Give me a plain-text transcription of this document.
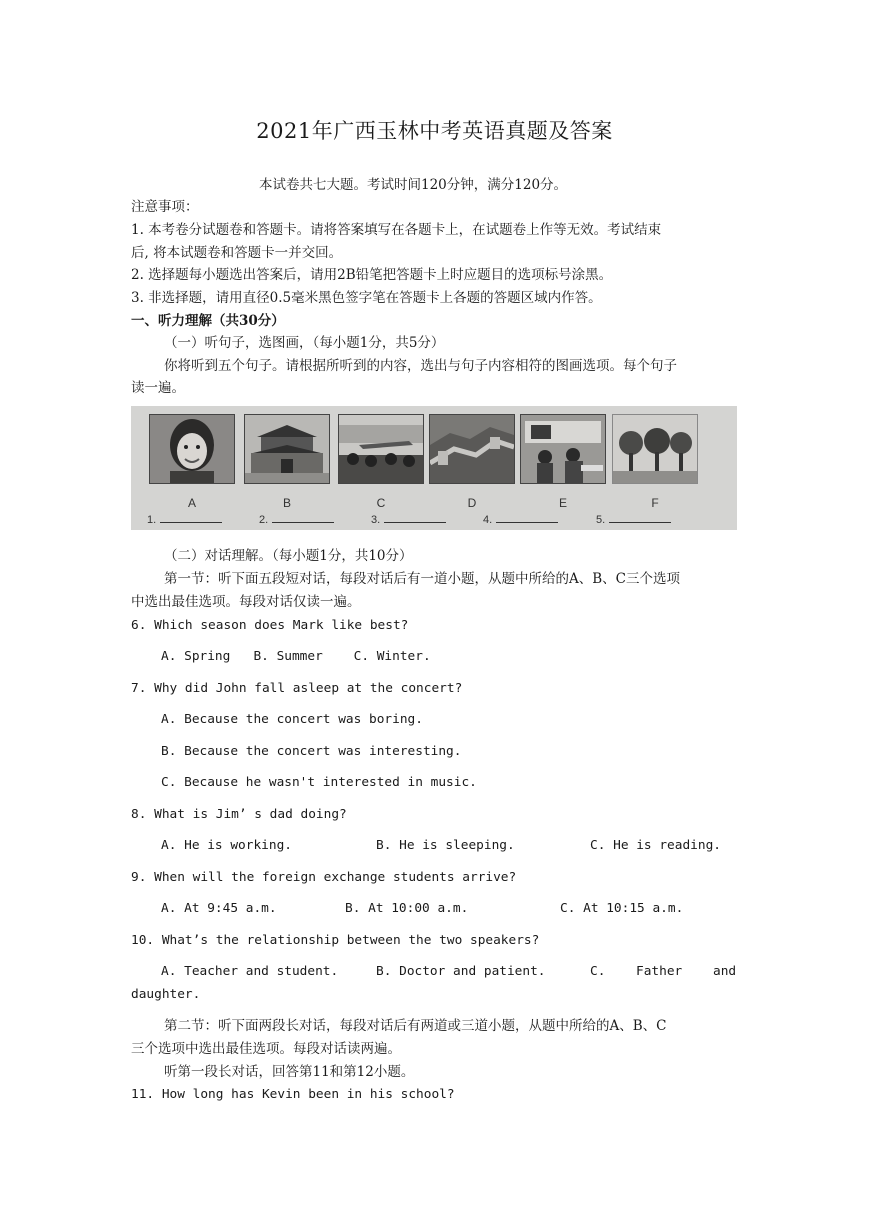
2021年广西玉林中考英语真题及答案
本试卷共七大题。考试时间120分钟，满分120分。
注意事项：
1. 本考卷分试题卷和答题卡。请将答案填写在各题卡上，在试题卷上作等无效。考试结束
后, 将本试题卷和答题卡一并交回。
2. 选择题每小题选出答案后，请用2B铅笔把答题卡上时应题目的选项标号涂黑。
3. 非选择题，请用直径0.5毫米黑色签字笔在答题卡上各题的答题区域内作答。
一、听力理解（共30分）
（一）听句子，选图画，（每小题1分，共5分）
你将听到五个句子。请根据所听到的内容，选出与句子内容相符的图画选项。每个句子
读一遍。
A	B	C	D	E	F
1.	2.	3.	4.	5.
（二）对话理解。（每小题1分，共10分）
第一节：听下面五段短对话，每段对话后有一道小题，从题中所给的A、B、C三个选项
中选出最佳选项。每段对话仅读一遍。
6. Which season does Mark like best?
A. Spring   B. Summer    C. Winter.
7. Why did John fall asleep at the concert?
A. Because the concert was boring.
B. Because the concert was interesting.
C. Because he wasn't interested in music.
8. What is Jim’ s dad doing?
A. He is working.	B. He is sleeping.	C. He is reading.
9. When will the foreign exchange students arrive?
A. At 9:45 a.m.	B. At 10:00 a.m.	C. At 10:15 a.m.
10. What’s the relationship between the two speakers?
A. Teacher and student.	B. Doctor and patient.	C. Father and
daughter.
第二节：听下面两段长对话，每段对话后有两道或三道小题，从题中所给的A、B、C
三个选项中选出最佳选项。每段对话读两遍。
听第一段长对话，回答第11和第12小题。
11. How long has Kevin been in his school?
